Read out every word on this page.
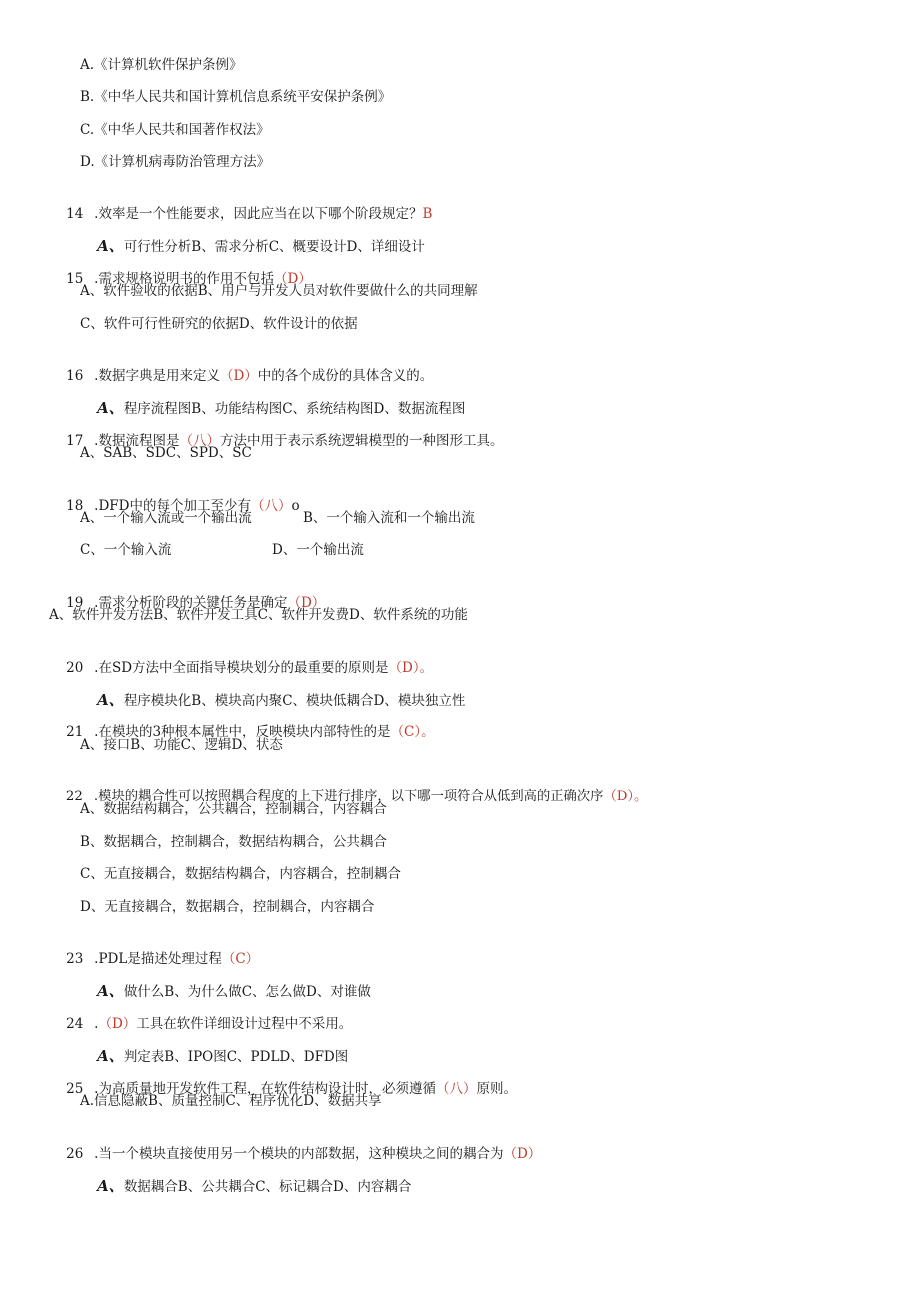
A.《计算机软件保护条例》
B.《中华人民共和国计算机信息系统平安保护条例》
C.《中华人民共和国著作权法》
D.《计算机病毒防治管理方法》

14 .效率是一个性能要求，因此应当在以下哪个阶段规定？B

A、可行性分析B、需求分析C、概要设计D、详细设计

15 .需求规格说明书的作用不包括（D）

A、软件验收的依据B、用户与开发人员对软件要做什么的共同理解
C、软件可行性研究的依据D、软件设计的依据

16 .数据字典是用来定义（D）中的各个成份的具体含义的。

A、程序流程图B、功能结构图C、系统结构图D、数据流程图

17 .数据流程图是（八）方法中用于表示系统逻辑模型的一种图形工具。

A、SAB、SDC、SPD、SC

18 .DFD中的每个加工至少有（八）o

A、一个输入流或一个输出流	B、一个输入流和一个输出流
C、一个输入流	D、一个输出流

19 .需求分析阶段的关键任务是确定（D）

A、软件开发方法B、软件开发工具C、软件开发费D、软件系统的功能

20 .在SD方法中全面指导模块划分的最重要的原则是（D）。

A、程序模块化B、模块高内聚C、模块低耦合D、模块独立性

21 .在模块的3种根本属性中，反映模块内部特性的是（C）。

A、接口B、功能C、逻辑D、状态

22 .模块的耦合性可以按照耦合程度的上下进行排序，以下哪一项符合从低到高的正确次序（D）。

A、数据结构耦合，公共耦合，控制耦合，内容耦合
B、数据耦合，控制耦合，数据结构耦合，公共耦合
C、无直接耦合，数据结构耦合，内容耦合，控制耦合
D、无直接耦合，数据耦合，控制耦合，内容耦合

23 .PDL是描述处理过程（C）

A、做什么B、为什么做C、怎么做D、对谁做

24 .（D）工具在软件详细设计过程中不采用。

A、判定表B、IPO图C、PDLD、DFD图

25 .为高质量地开发软件工程，在软件结构设计时，必须遵循（八）原则。

A.信息隐蔽B、质量控制C、程序优化D、数据共享

26 .当一个模块直接使用另一个模块的内部数据，这种模块之间的耦合为（D）

A、数据耦合B、公共耦合C、标记耦合D、内容耦合
